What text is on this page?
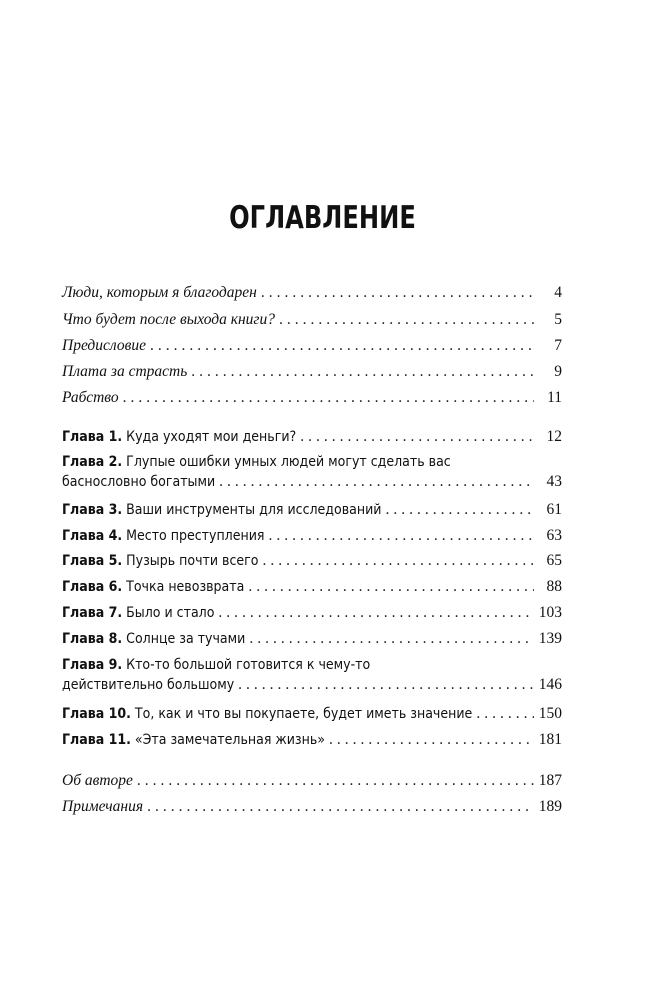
ОГЛАВЛЕНИЕ
Люди, которым я благодарен .....	4
Что будет после выхода книги? .....	5
Предисловие .....	7
Плата за страсть .....	9
Рабство .....	11
Глава 1. Куда уходят мои деньги? .....	12
Глава 2. Глупые ошибки умных людей могут сделать вас
баснословно богатыми .....	43
Глава 3. Ваши инструменты для исследований .....	61
Глава 4. Место преступления .....	63
Глава 5. Пузырь почти всего .....	65
Глава 6. Точка невозврата .....	88
Глава 7. Было и стало .....	103
Глава 8. Солнце за тучами .....	139
Глава 9. Кто-то большой готовится к чему-то
действительно большому .....	146
Глава 10. То, как и что вы покупаете, будет иметь значение .....	150
Глава 11. «Эта замечательная жизнь» .....	181
Об авторе .....	187
Примечания .....	189
